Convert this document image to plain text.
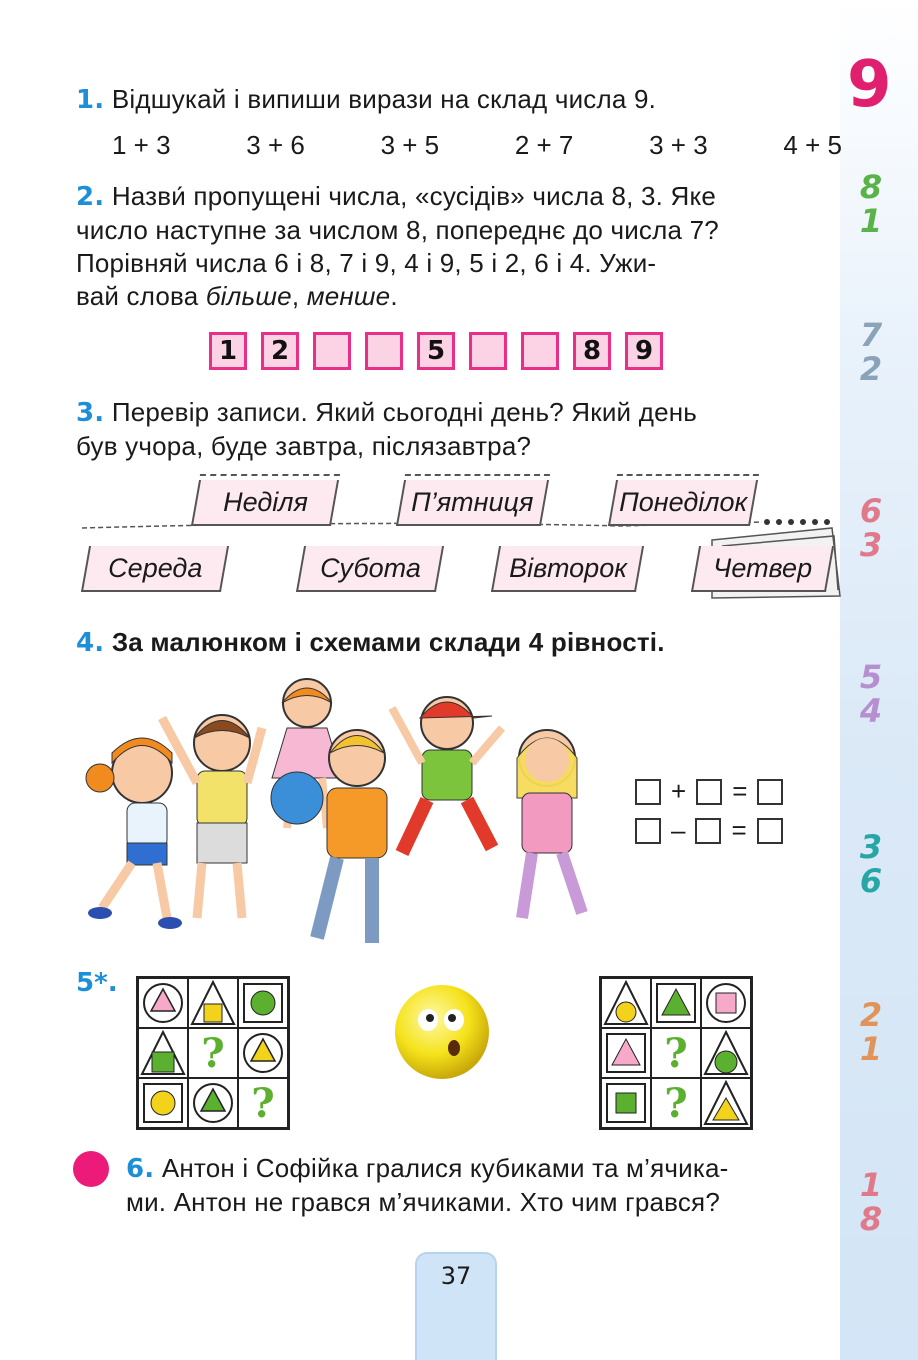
9
8
1
7
2
6
3
5
4
3
6
2
1
1
8
1. Відшукай і випиши вирази на склад числа 9.
1 + 3	3 + 6	3 + 5	2 + 7	3 + 3	4 + 5
2. Назви́ пропущені числа, «сусідів» числа 8, 3. Яке
число наступне за числом 8, попереднє до числа 7?
Порівняй числа 6 і 8, 7 і 9, 4 і 9, 5 і 2, 6 і 4. Ужи-
вай слова більше, менше.
1	2	5	8	9
3. Перевір записи. Який сьогодні день? Який день
був учора, буде завтра, післязавтра?
Неділя	П’ятниця	Понеділок
Середа	Субота	Вівторок	Четвер
4. За малюнком і схемами склади 4 рівності.
+ =
– =
5*.
?
?
?
?
6. Антон і Софійка гралися кубиками та м’ячика-
ми. Антон не грався м’ячиками. Хто чим грався?
37
